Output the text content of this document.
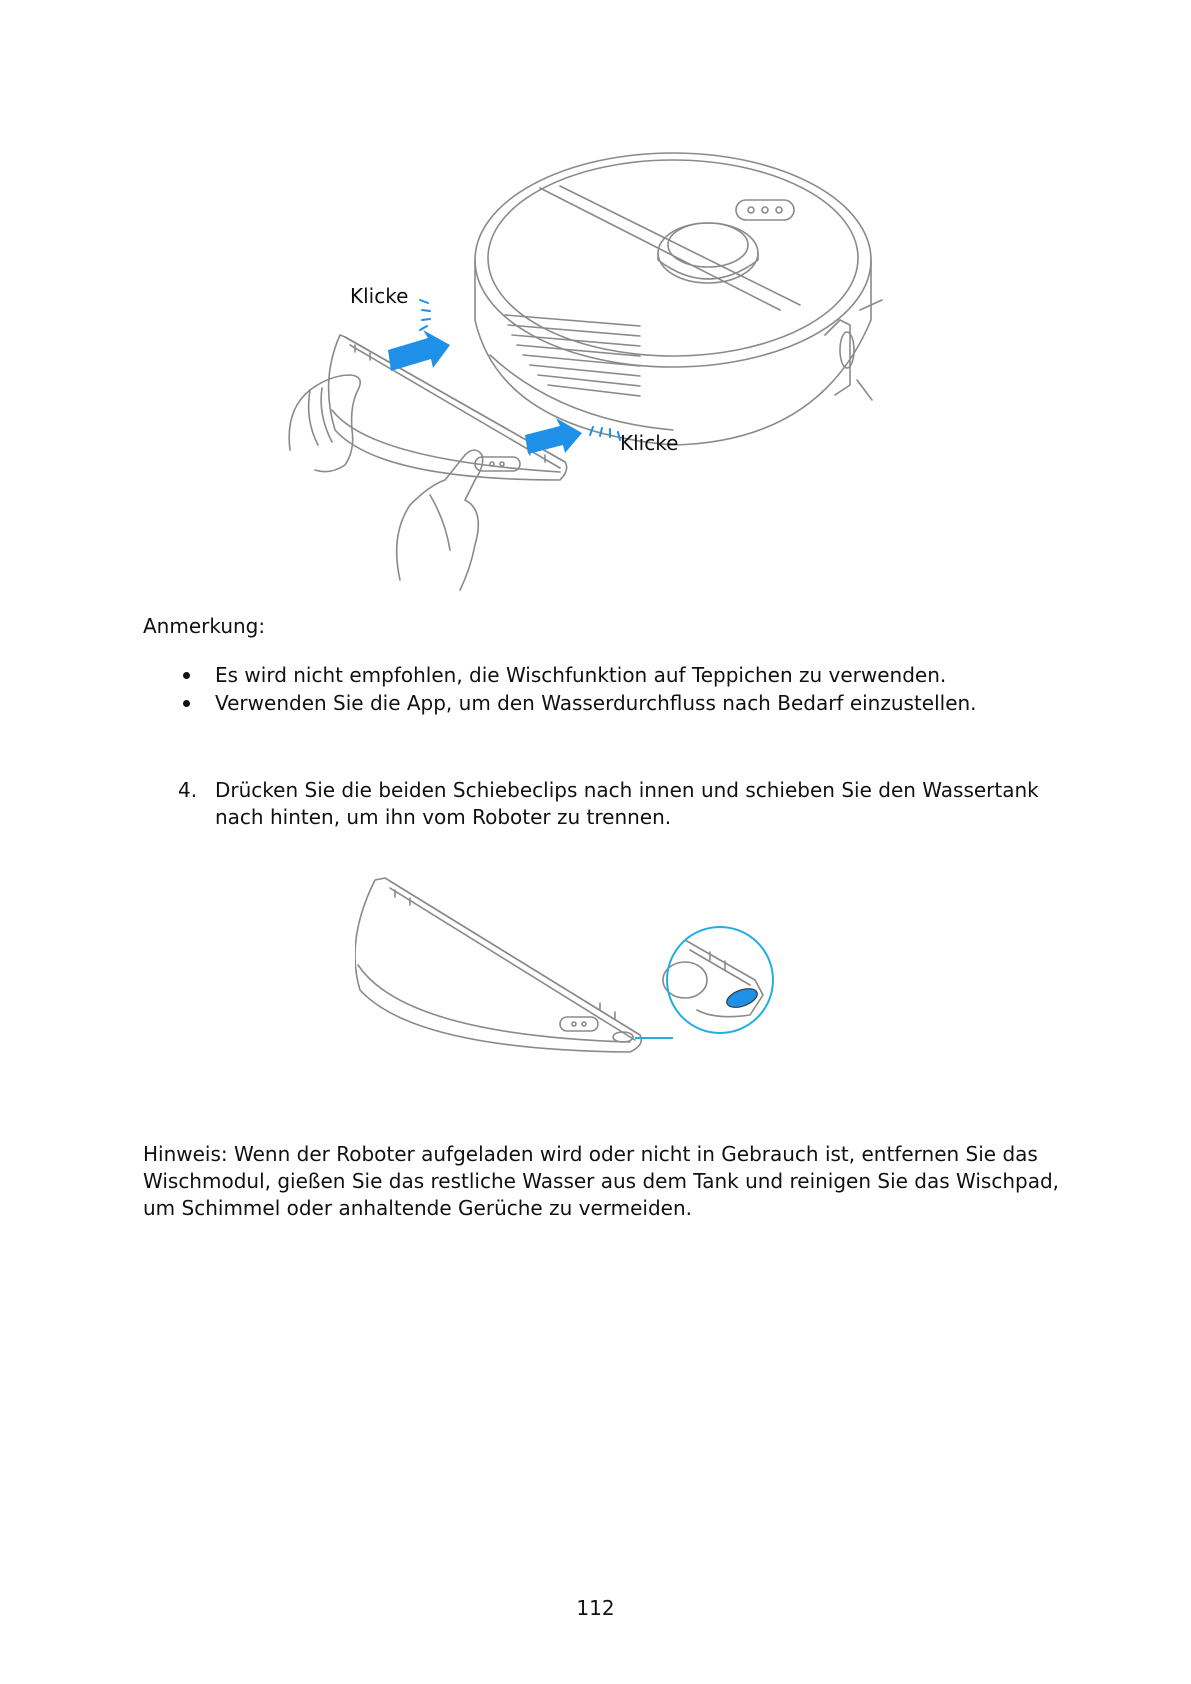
Klicke
Klicke

Anmerkung:

Es wird nicht empfohlen, die Wischfunktion auf Teppichen zu verwenden.
Verwenden Sie die App, um den Wasserdurchfluss nach Bedarf einzustellen.
4. Drücken Sie die beiden Schiebeclips nach innen und schieben Sie den Wassertank nach hinten, um ihn vom Roboter zu trennen.

Hinweis: Wenn der Roboter aufgeladen wird oder nicht in Gebrauch ist, entfernen Sie das Wischmodul, gießen Sie das restliche Wasser aus dem Tank und reinigen Sie das Wischpad, um Schimmel oder anhaltende Gerüche zu vermeiden.

112
